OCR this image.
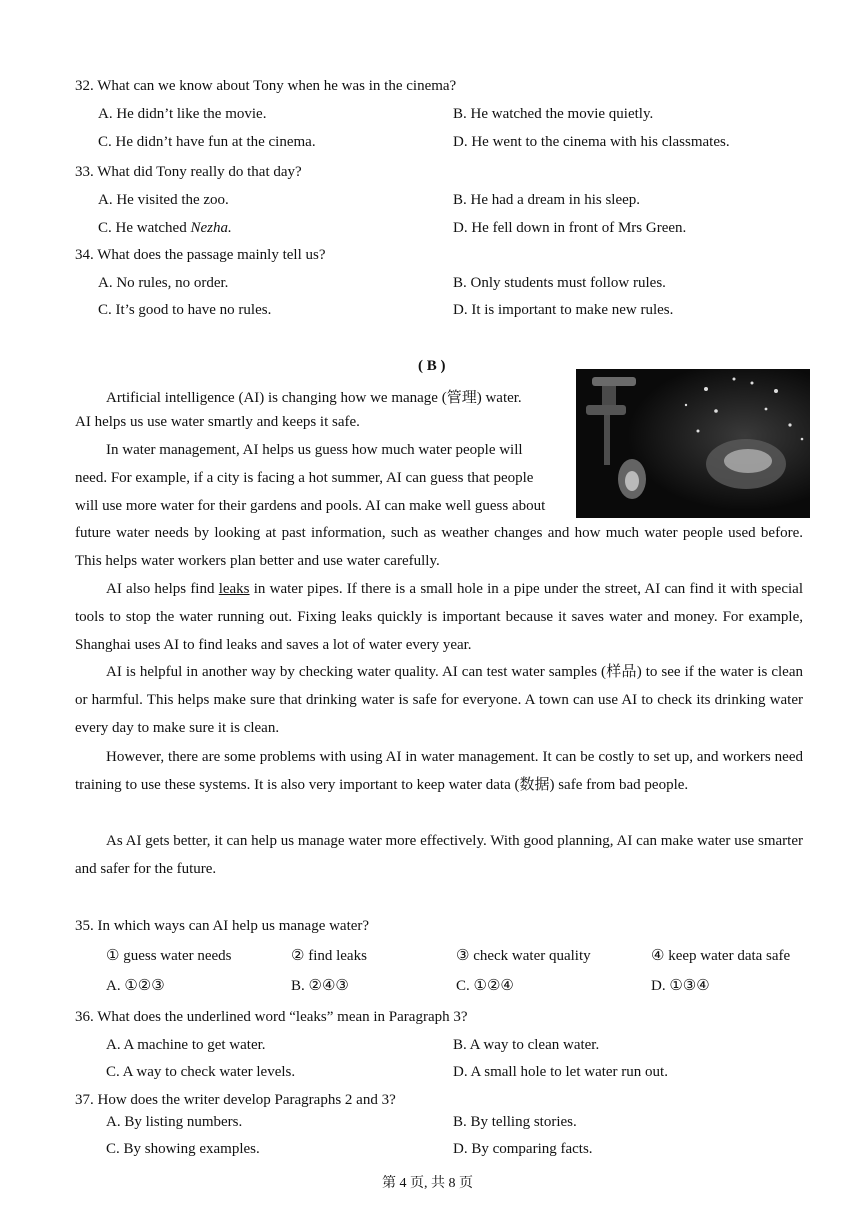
32. What can we know about Tony when he was in the cinema?
A. He didn’t like the movie.	B. He watched the movie quietly.
C. He didn’t have fun at the cinema.	D. He went to the cinema with his classmates.
33. What did Tony really do that day?
A. He visited the zoo.	B. He had a dream in his sleep.
C. He watched Nezha.	D. He fell down in front of Mrs Green.
34. What does the passage mainly tell us?
A. No rules, no order.	B. Only students must follow rules.
C. It’s good to have no rules.	D. It is important to make new rules.
( B )
Artificial intelligence (AI) is changing how we manage (管理) water.
AI helps us use water smartly and keeps it safe.
In water management, AI helps us guess how much water people will
need. For example, if a city is facing a hot summer, AI can guess that people
will use more water for their gardens and pools. AI can make well guess about
future water needs by looking at past information, such as weather changes and how much water people used before. This helps water workers plan better and use water carefully.
AI also helps find leaks in water pipes. If there is a small hole in a pipe under the street, AI can find it with special tools to stop the water running out. Fixing leaks quickly is important because it saves water and money. For example, Shanghai uses AI to find leaks and saves a lot of water every year.
AI is helpful in another way by checking water quality. AI can test water samples (样品) to see if the water is clean or harmful. This helps make sure that drinking water is safe for everyone. A town can use AI to check its drinking water every day to make sure it is clean.
However, there are some problems with using AI in water management. It can be costly to set up, and workers need training to use these systems. It is also very important to keep water data (数据) safe from bad people.
As AI gets better, it can help us manage water more effectively. With good planning, AI can make water use smarter and safer for the future.
35. In which ways can AI help us manage water?
① guess water needs	② find leaks	③ check water quality	④ keep water data safe
A. ①②③	B. ②④③	C. ①②④	D. ①③④
36. What does the underlined word “leaks” mean in Paragraph 3?
A. A machine to get water.	B. A way to clean water.
C. A way to check water levels.	D. A small hole to let water run out.
37. How does the writer develop Paragraphs 2 and 3?
A. By listing numbers.	B. By telling stories.
C. By showing examples.	D. By comparing facts.
第 4 页, 共 8 页
